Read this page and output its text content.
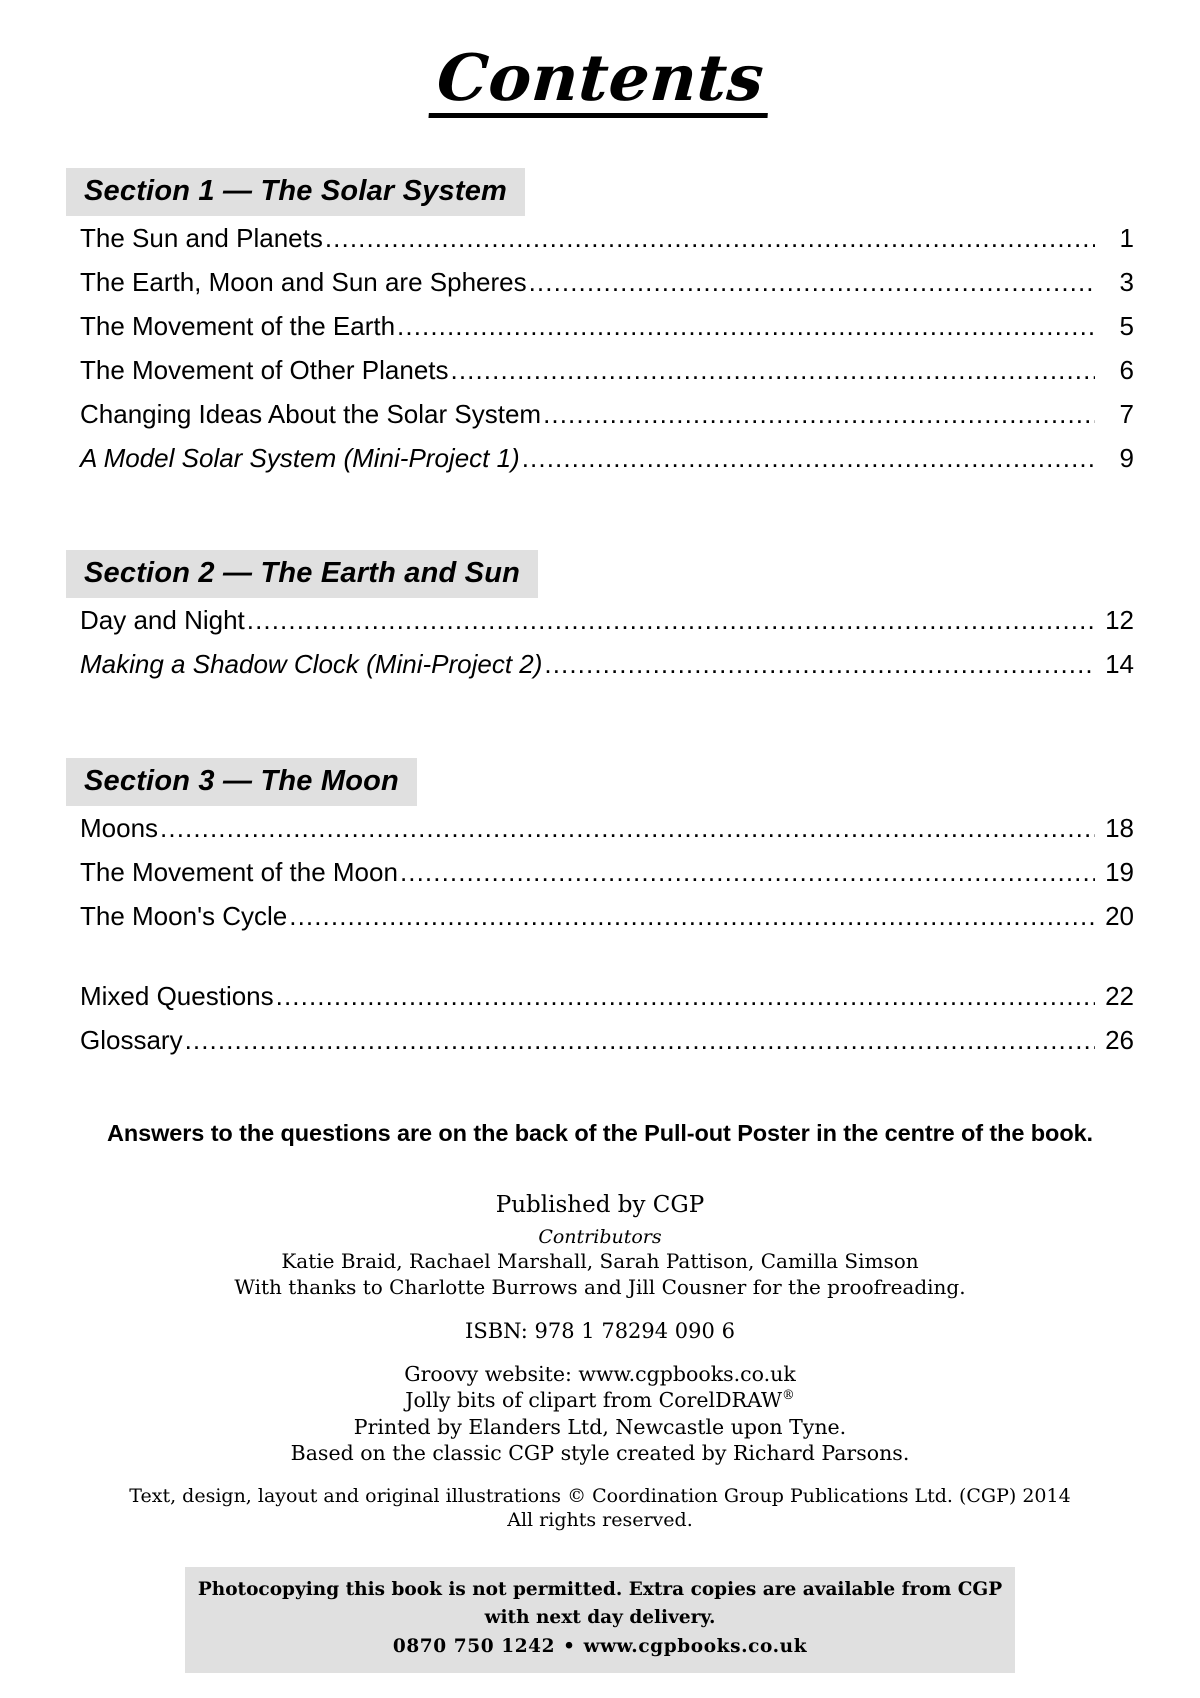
Contents
Section 1 — The Solar System
The Sun and Planets .....	1
The Earth, Moon and Sun are Spheres .....	3
The Movement of the Earth .....	5
The Movement of Other Planets .....	6
Changing Ideas About the Solar System .....	7
A Model Solar System (Mini-Project 1) .....	9
Section 2 — The Earth and Sun
Day and Night .....	12
Making a Shadow Clock (Mini-Project 2) .....	14
Section 3 — The Moon
Moons .....	18
The Movement of the Moon .....	19
The Moon's Cycle .....	20
Mixed Questions .....	22
Glossary .....	26
Answers to the questions are on the back of the Pull-out Poster in the centre of the book.
Published by CGP
Contributors
Katie Braid, Rachael Marshall, Sarah Pattison, Camilla Simson
With thanks to Charlotte Burrows and Jill Cousner for the proofreading.
ISBN: 978 1 78294 090 6
Groovy website: www.cgpbooks.co.uk
Jolly bits of clipart from CorelDRAW®
Printed by Elanders Ltd, Newcastle upon Tyne.
Based on the classic CGP style created by Richard Parsons.
Text, design, layout and original illustrations © Coordination Group Publications Ltd. (CGP) 2014
All rights reserved.
Photocopying this book is not permitted. Extra copies are available from CGP with next day delivery.
0870 750 1242 • www.cgpbooks.co.uk
